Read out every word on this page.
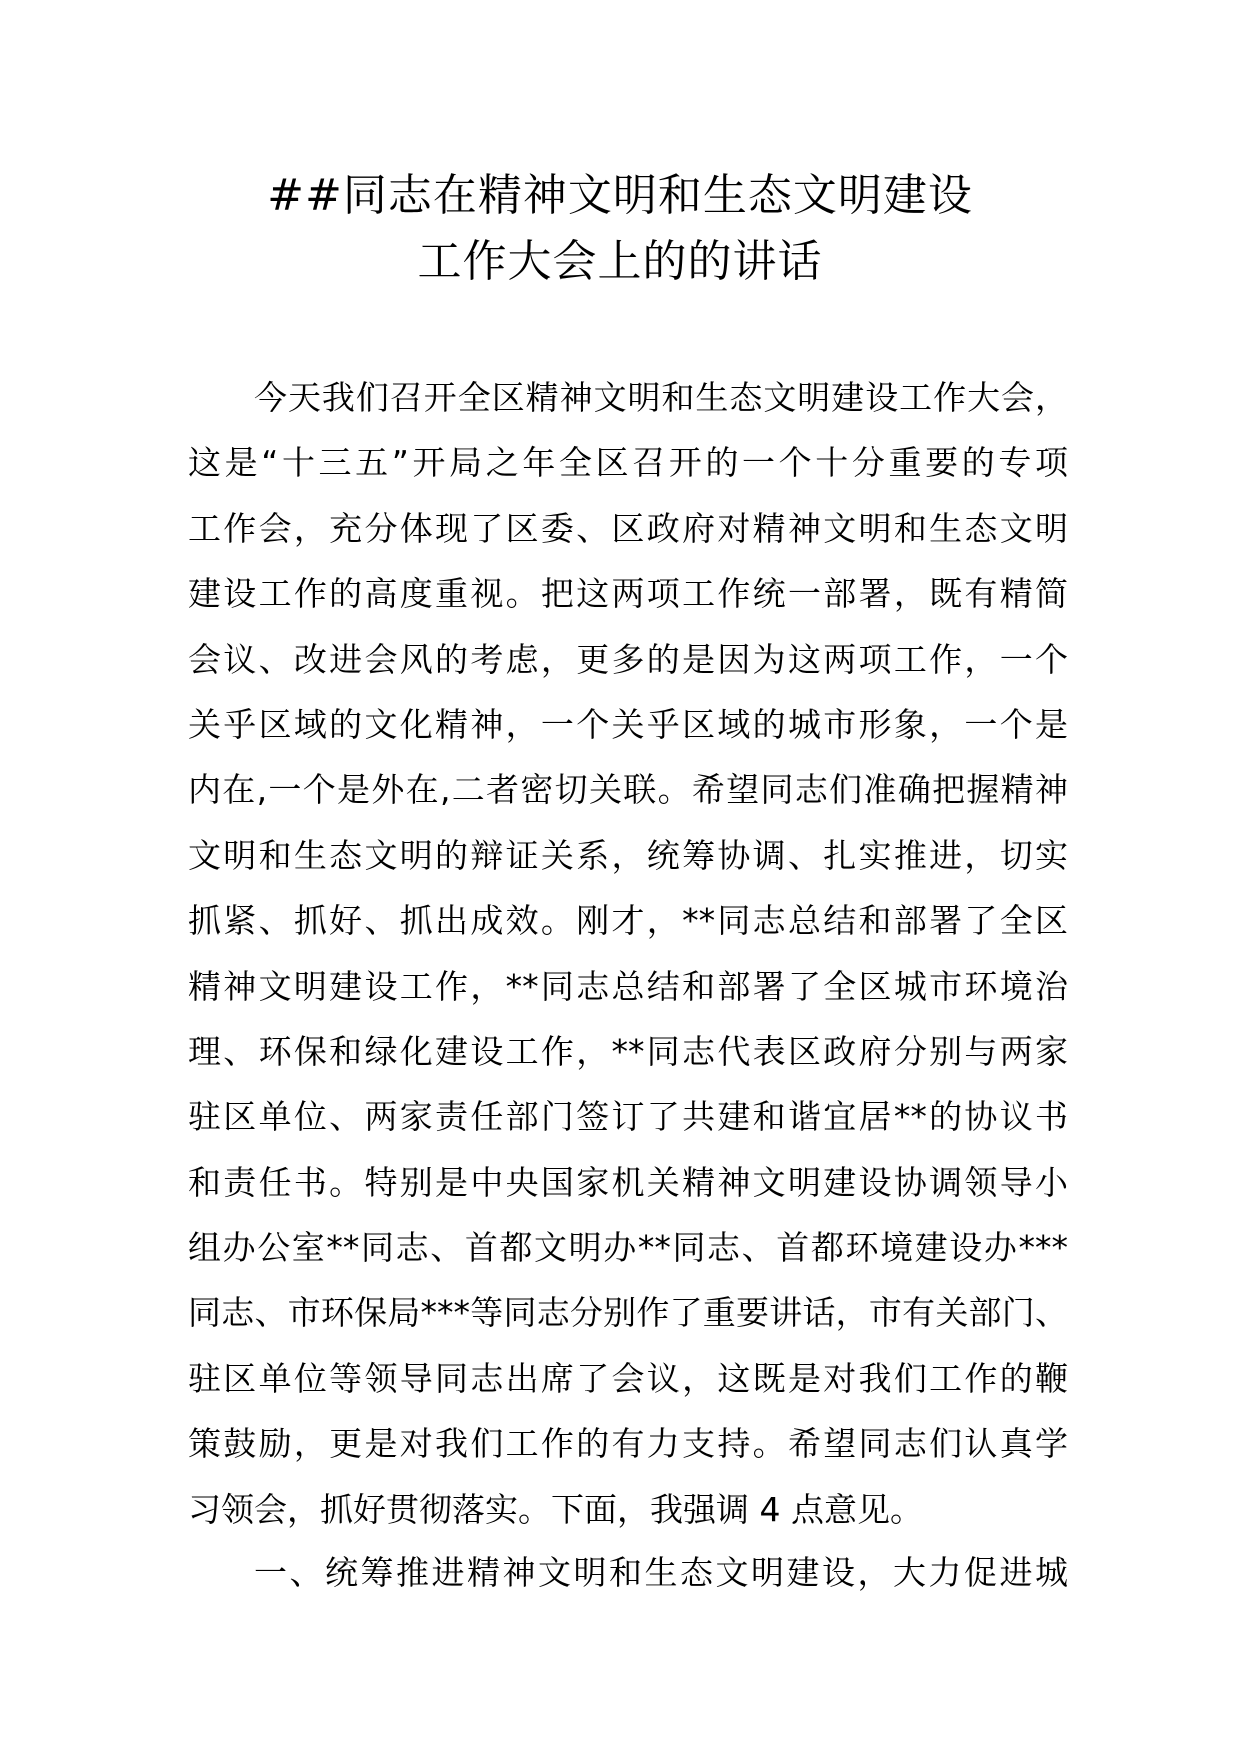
##同志在精神文明和生态文明建设
工作大会上的的讲话
今天我们召开全区精神文明和生态文明建设工作大会，
这是“十三五”开局之年全区召开的一个十分重要的专项
工作会，充分体现了区委、区政府对精神文明和生态文明
建设工作的高度重视。把这两项工作统一部署，既有精简
会议、改进会风的考虑，更多的是因为这两项工作，一个
关乎区域的文化精神，一个关乎区域的城市形象，一个是
内在,一个是外在,二者密切关联。希望同志们准确把握精神
文明和生态文明的辩证关系，统筹协调、扎实推进，切实
抓紧、抓好、抓出成效。刚才，**同志总结和部署了全区
精神文明建设工作，**同志总结和部署了全区城市环境治
理、环保和绿化建设工作，**同志代表区政府分别与两家
驻区单位、两家责任部门签订了共建和谐宜居**的协议书
和责任书。特别是中央国家机关精神文明建设协调领导小
组办公室**同志、首都文明办**同志、首都环境建设办***
同志、市环保局***等同志分别作了重要讲话，市有关部门、
驻区单位等领导同志出席了会议，这既是对我们工作的鞭
策鼓励，更是对我们工作的有力支持。希望同志们认真学
习领会，抓好贯彻落实。下面，我强调 4 点意见。
一、统筹推进精神文明和生态文明建设，大力促进城
